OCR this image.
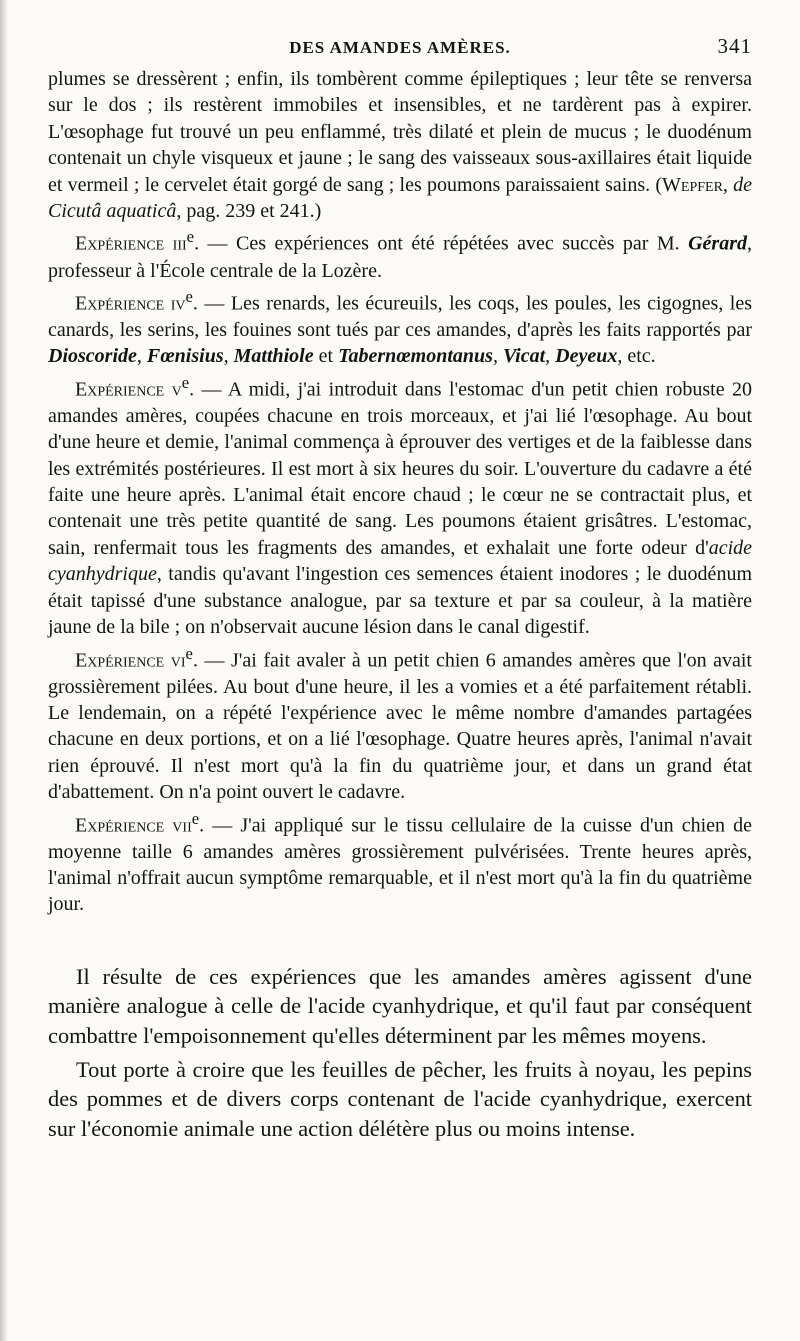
DES AMANDES AMÈRES.	341

plumes se dressèrent ; enfin, ils tombèrent comme épileptiques ; leur tête se renversa sur le dos ; ils restèrent immobiles et insensibles, et ne tardèrent pas à expirer. L'œsophage fut trouvé un peu enflammé, très dilaté et plein de mucus ; le duodénum contenait un chyle visqueux et jaune ; le sang des vaisseaux sous-axillaires était liquide et vermeil ; le cervelet était gorgé de sang ; les poumons paraissaient sains. (Wepfer, de Cicutâ aquaticâ, pag. 239 et 241.)

Expérience iii$^e$. — Ces expériences ont été répétées avec succès par M. Gérard, professeur à l'École centrale de la Lozère.

Expérience $iv^e$. — Les renards, les écureuils, les coqs, les poules, les cigognes, les canards, les serins, les fouines sont tués par ces amandes, d'après les faits rapportés par Dioscoride, Fœnisius, Matthiole et Tabernœmontanus, Vicat, Deyeux, etc.

Expérience $v^e$. — A midi, j'ai introduit dans l'estomac d'un petit chien robuste 20 amandes amères, coupées chacune en trois morceaux, et j'ai lié l'œsophage. Au bout d'une heure et demie, l'animal commença à éprouver des vertiges et de la faiblesse dans les extrémités postérieures. Il est mort à six heures du soir. L'ouverture du cadavre a été faite une heure après. L'animal était encore chaud ; le cœur ne se contractait plus, et contenait une très petite quantité de sang. Les poumons étaient grisâtres. L'estomac, sain, renfermait tous les fragments des amandes, et exhalait une forte odeur d'acide cyanhydrique, tandis qu'avant l'ingestion ces semences étaient inodores ; le duodénum était tapissé d'une substance analogue, par sa texture et par sa couleur, à la matière jaune de la bile ; on n'observait aucune lésion dans le canal digestif.

Expérience $vi^e$. — J'ai fait avaler à un petit chien 6 amandes amères que l'on avait grossièrement pilées. Au bout d'une heure, il les a vomies et a été parfaitement rétabli. Le lendemain, on a répété l'expérience avec le même nombre d'amandes partagées chacune en deux portions, et on a lié l'œsophage. Quatre heures après, l'animal n'avait rien éprouvé. Il n'est mort qu'à la fin du quatrième jour, et dans un grand état d'abattement. On n'a point ouvert le cadavre.

Expérience vii$^e$. — J'ai appliqué sur le tissu cellulaire de la cuisse d'un chien de moyenne taille 6 amandes amères grossièrement pulvérisées. Trente heures après, l'animal n'offrait aucun symptôme remarquable, et il n'est mort qu'à la fin du quatrième jour.

Il résulte de ces expériences que les amandes amères agissent d'une manière analogue à celle de l'acide cyanhydrique, et qu'il faut par conséquent combattre l'empoisonnement qu'elles déterminent par les mêmes moyens.

Tout porte à croire que les feuilles de pêcher, les fruits à noyau, les pepins des pommes et de divers corps contenant de l'acide cyanhydrique, exercent sur l'économie animale une action délétère plus ou moins intense.
